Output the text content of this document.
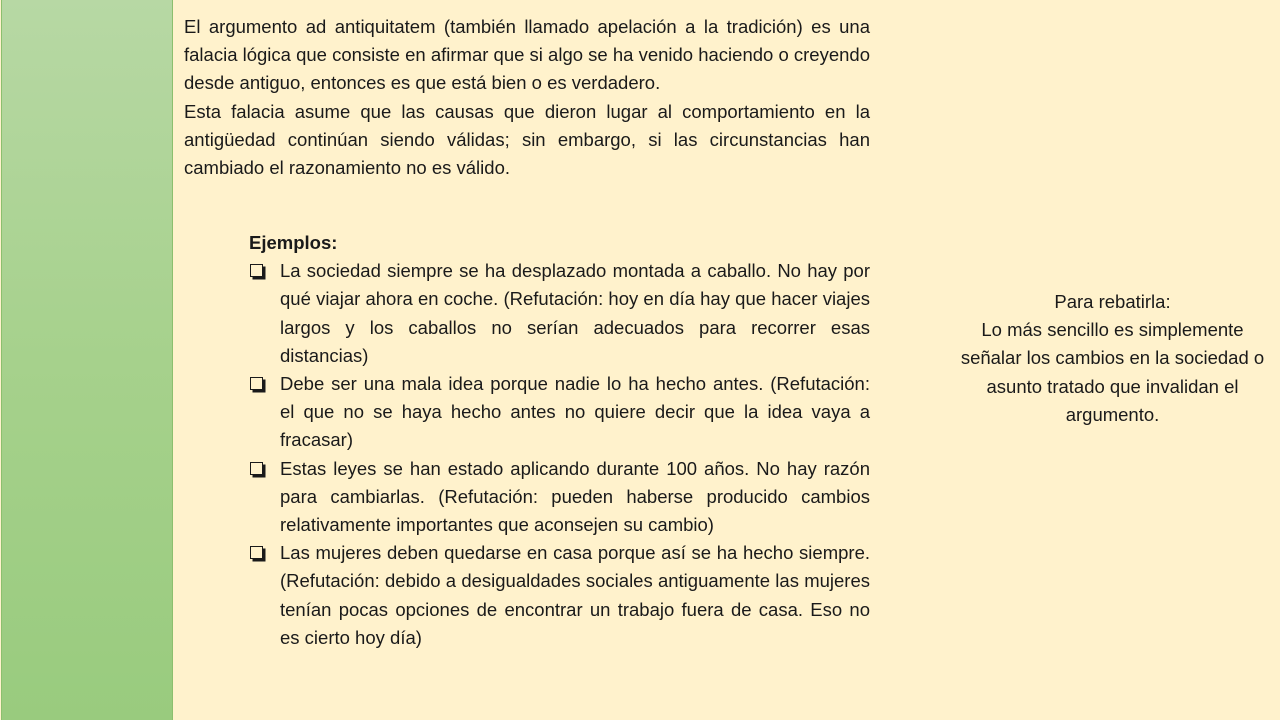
El argumento ad antiquitatem (también llamado apelación a la tradición) es una falacia lógica que consiste en afirmar que si algo se ha venido haciendo o creyendo desde antiguo, entonces es que está bien o es verdadero.

Esta falacia asume que las causas que dieron lugar al comportamiento en la antigüedad continúan siendo válidas; sin embargo, si las circunstancias han cambiado el razonamiento no es válido.

Ejemplos:
La sociedad siempre se ha desplazado montada a caballo. No hay por qué viajar ahora en coche. (Refutación: hoy en día hay que hacer viajes largos y los caballos no serían adecuados para recorrer esas distancias)
Debe ser una mala idea porque nadie lo ha hecho antes. (Refutación: el que no se haya hecho antes no quiere decir que la idea vaya a fracasar)
Estas leyes se han estado aplicando durante 100 años. No hay razón para cambiarlas. (Refutación: pueden haberse producido cambios relativamente importantes que aconsejen su cambio)
Las mujeres deben quedarse en casa porque así se ha hecho siempre. (Refutación: debido a desigualdades sociales antiguamente las mujeres tenían pocas opciones de encontrar un trabajo fuera de casa. Eso no es cierto hoy día)

Para rebatirla:

Lo más sencillo es simplemente señalar los cambios en la sociedad o asunto tratado que invalidan el argumento.
